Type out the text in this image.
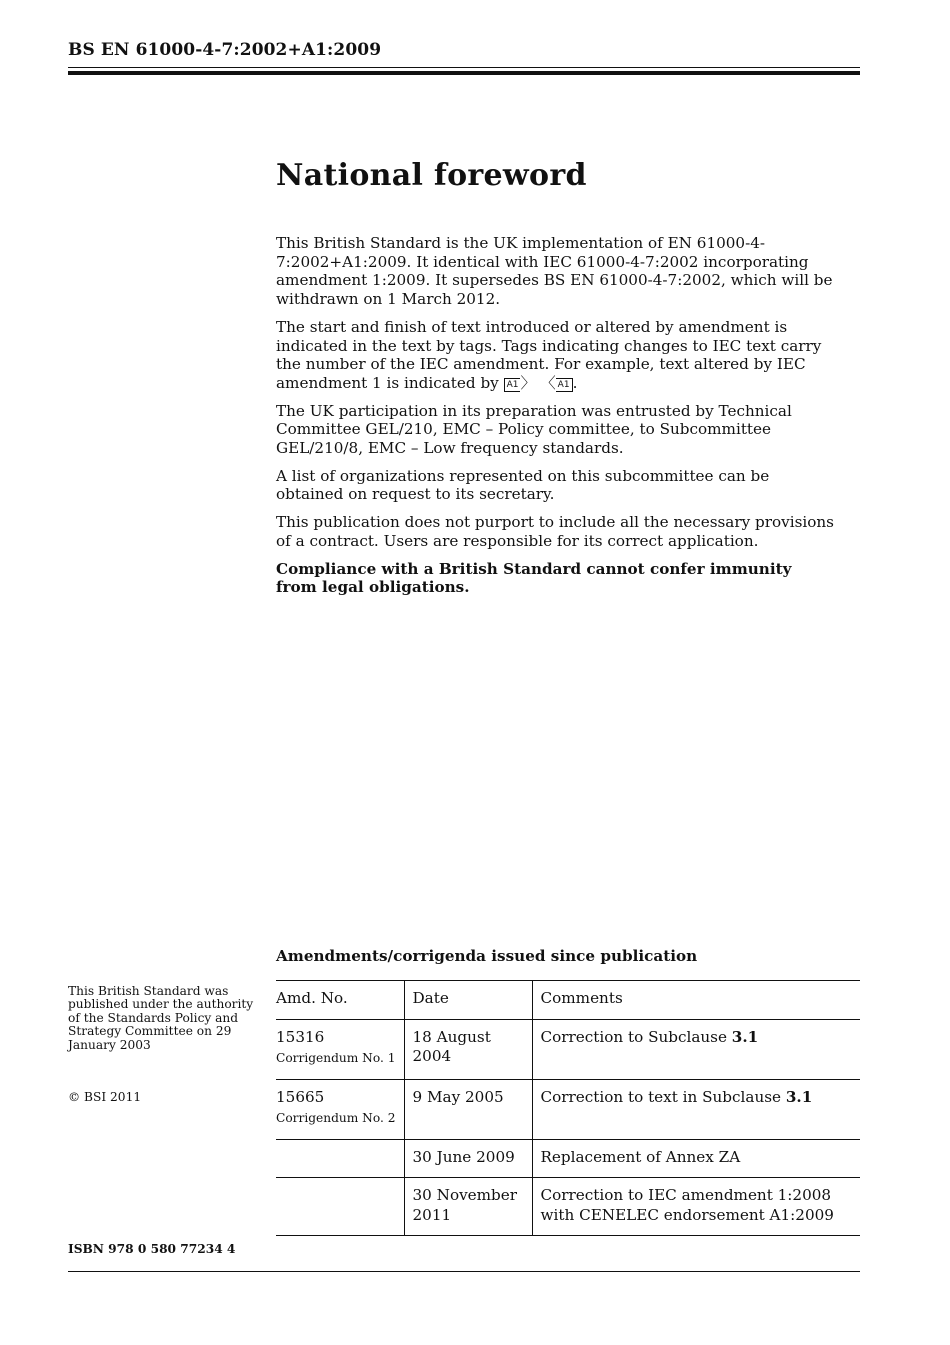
BS EN 61000-4-7:2002+A1:2009
National foreword

This British Standard is the UK implementation of EN 61000-4-7:2002+A1:2009. It identical with IEC 61000-4-7:2002 incorporating amendment 1:2009. It supersedes BS EN 61000-4-7:2002, which will be withdrawn on 1 March 2012.

The start and finish of text introduced or altered by amendment is indicated in the text by tags. Tags indicating changes to IEC text carry the number of the IEC amendment. For example, text altered by IEC amendment 1 is indicated by A1 〉 〈 A1 .

The UK participation in its preparation was entrusted by Technical Committee GEL/210, EMC – Policy committee, to Subcommittee GEL/210/8, EMC – Low frequency standards.

A list of organizations represented on this subcommittee can be obtained on request to its secretary.

This publication does not purport to include all the necessary provisions of a contract. Users are responsible for its correct application.

Compliance with a British Standard cannot confer immunity from legal obligations.

Amendments/corrigenda issued since publication
This British Standard was published under the authority of the Standards Policy and Strategy Committee on 29 January 2003
© BSI 2011
ISBN 978 0 580 77234 4
Amd. No.	Date	Comments
15316
Corrigendum No. 1	18 August 2004	Correction to Subclause 3.1
15665
Corrigendum No. 2	9 May 2005	Correction to text in Subclause 3.1

	30 June 2009	Replacement of Annex ZA

	30 November 2011	Correction to IEC amendment 1:2008 with CENELEC endorsement A1:2009
